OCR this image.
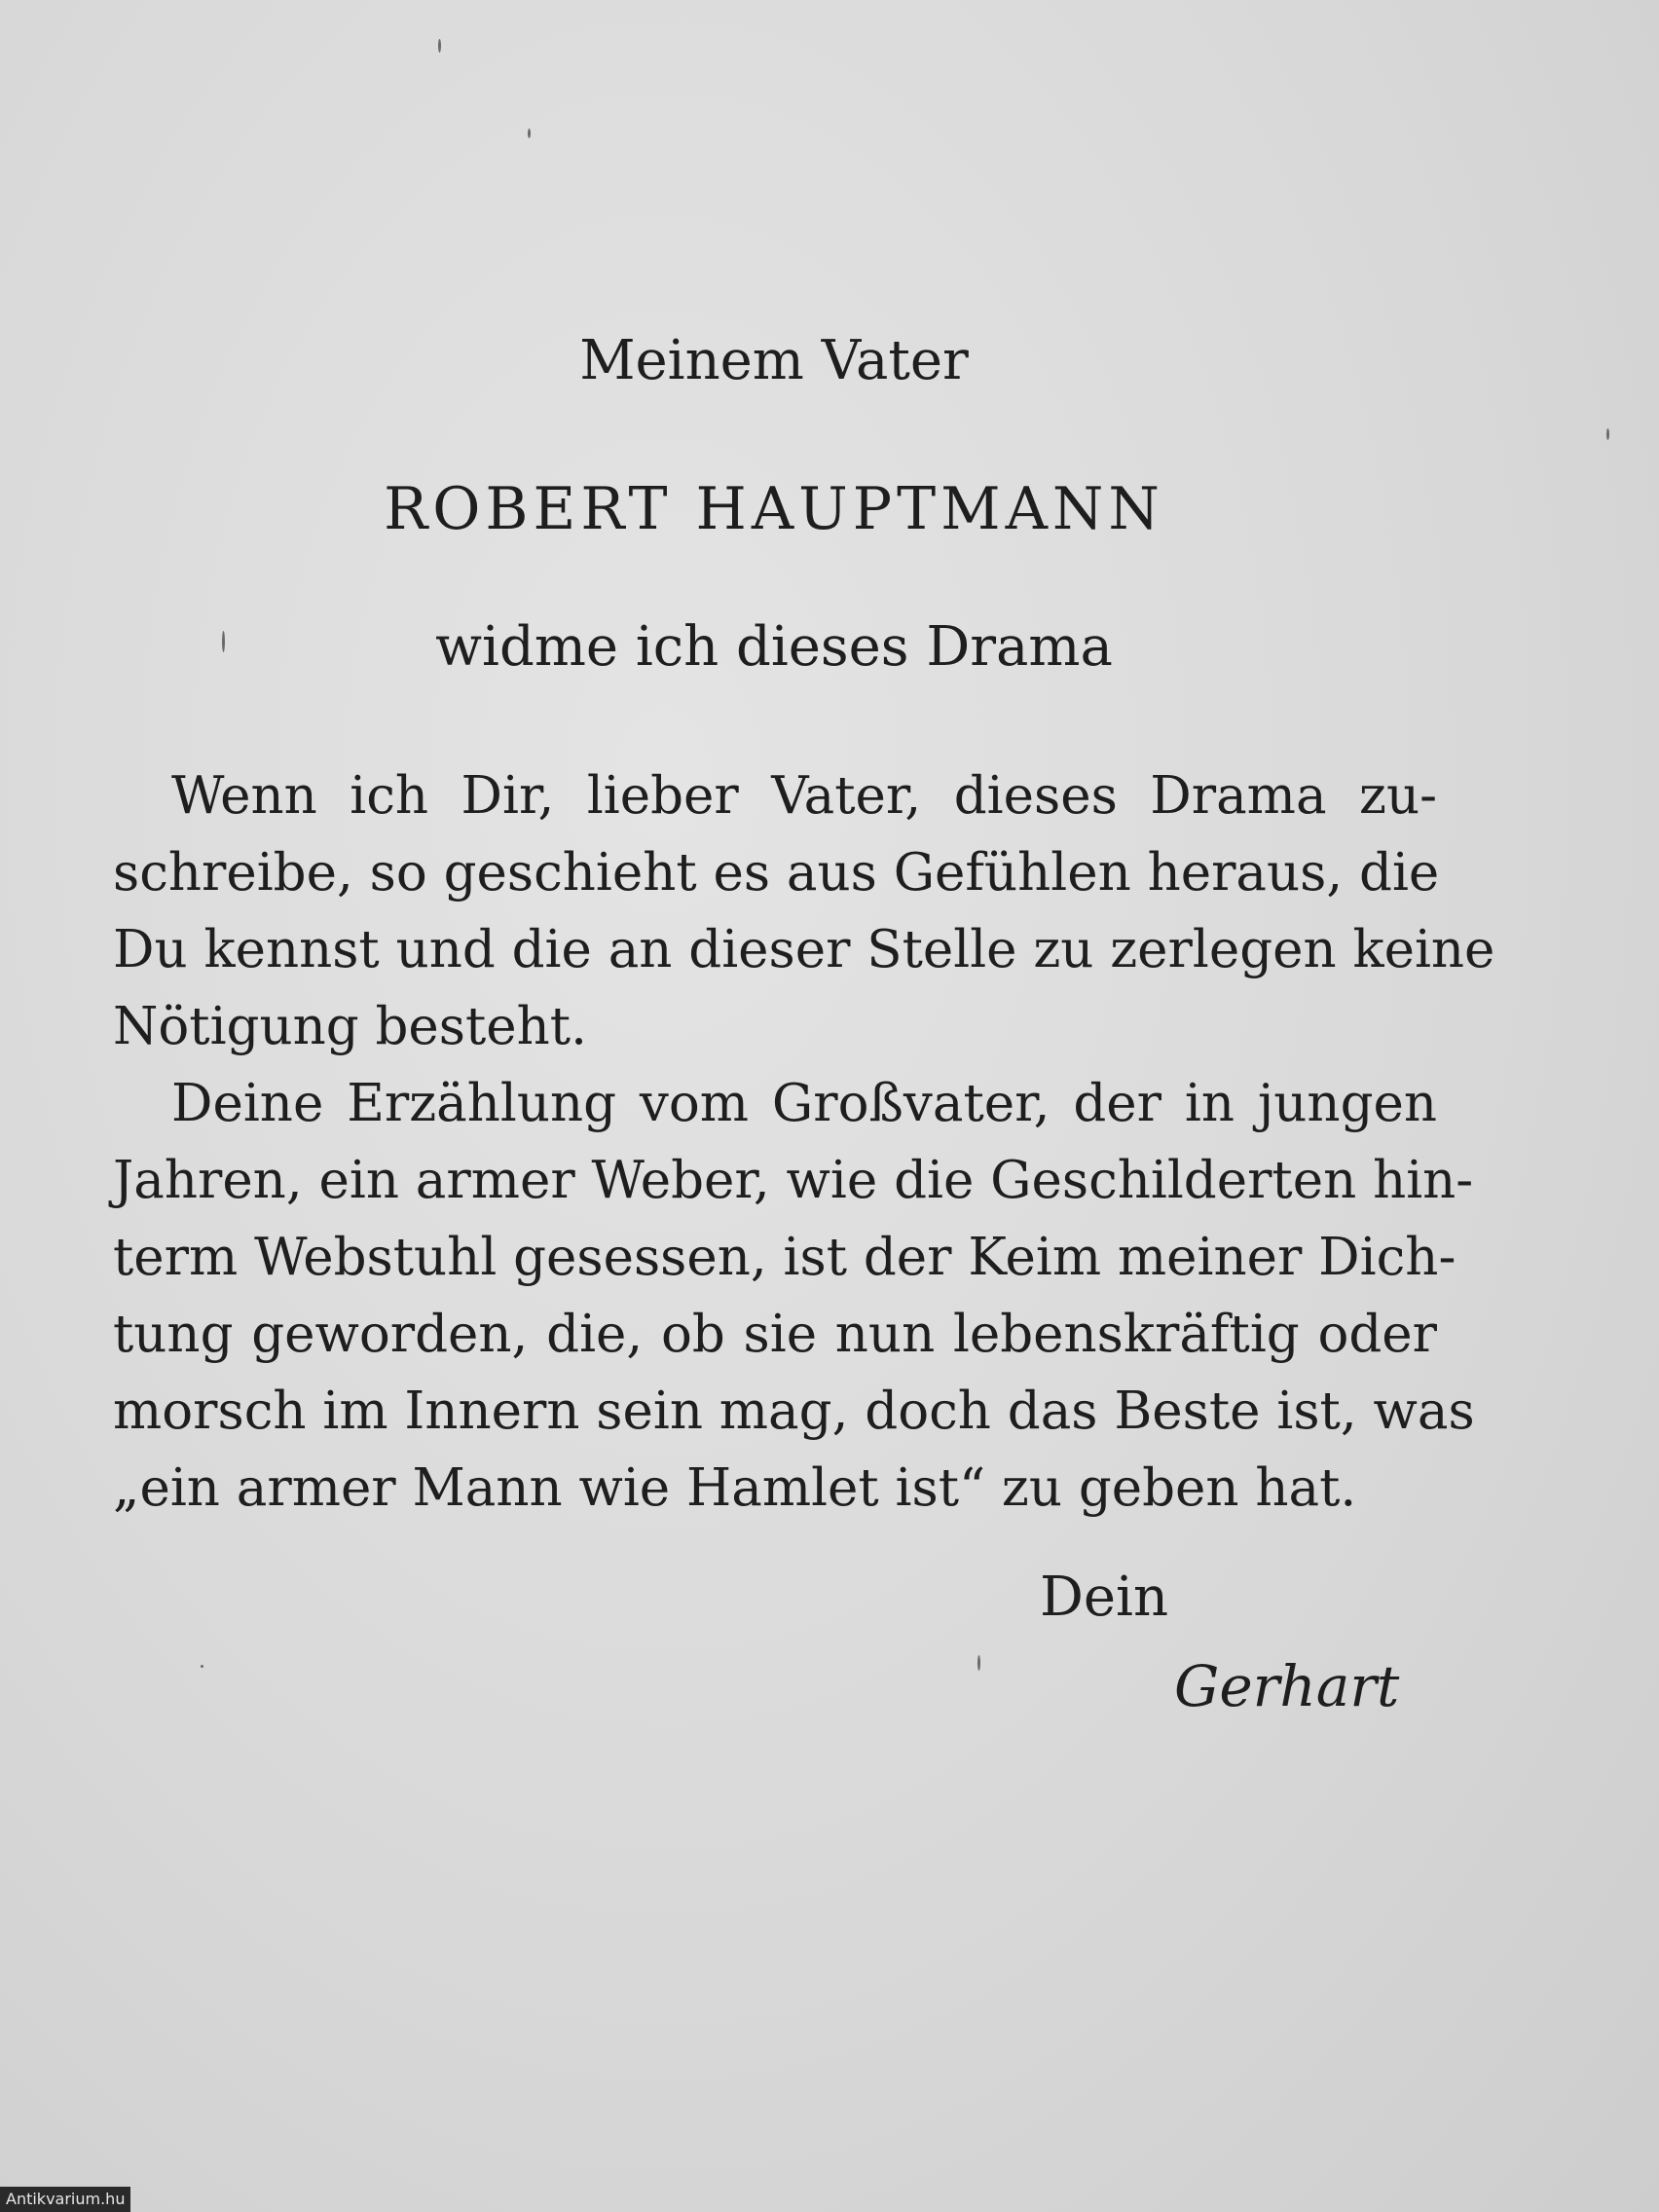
Meinem Vater
ROBERT HAUPTMANN
widme ich dieses Drama
Wenn ich Dir, lieber Vater, dieses Drama zu-
schreibe, so geschieht es aus Gefühlen heraus, die
Du kennst und die an dieser Stelle zu zerlegen keine
Nötigung besteht.
Deine Erzählung vom Großvater, der in jungen
Jahren, ein armer Weber, wie die Geschilderten hin-
term Webstuhl gesessen, ist der Keim meiner Dich-
tung geworden, die, ob sie nun lebenskräftig oder
morsch im Innern sein mag, doch das Beste ist, was
„ein armer Mann wie Hamlet ist“ zu geben hat.
Dein
Gerhart
Antikvarium.hu
